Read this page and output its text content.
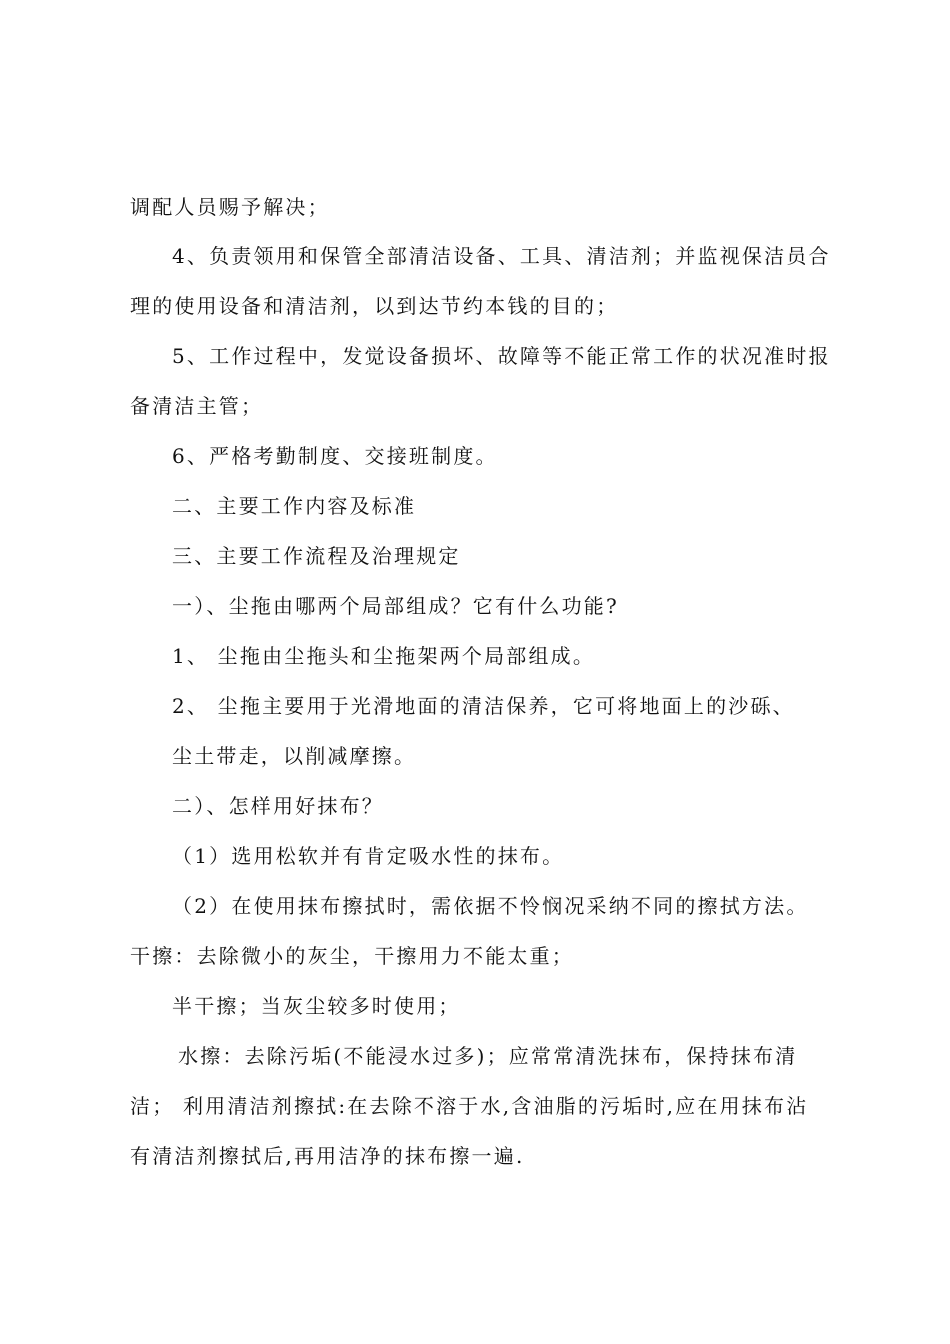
调配人员赐予解决；
4、负责领用和保管全部清洁设备、工具、清洁剂；并监视保洁员合
理的使用设备和清洁剂，以到达节约本钱的目的；
5、工作过程中，发觉设备损坏、故障等不能正常工作的状况准时报
备清洁主管；
6、严格考勤制度、交接班制度。
二、主要工作内容及标准
三、主要工作流程及治理规定
一）、尘拖由哪两个局部组成？它有什么功能?
1、 尘拖由尘拖头和尘拖架两个局部组成。
2、 尘拖主要用于光滑地面的清洁保养，它可将地面上的沙砾、
尘土带走，以削减摩擦。
二）、怎样用好抹布？
（1）选用松软并有肯定吸水性的抹布。
（2）在使用抹布擦拭时，需依据不怜悯况采纳不同的擦拭方法。
干擦：去除微小的灰尘，干擦用力不能太重；
半干擦；当灰尘较多时使用；
水擦：去除污垢(不能浸水过多)；应常常清洗抹布，保持抹布清
洁； 利用清洁剂擦拭:在去除不溶于水,含油脂的污垢时,应在用抹布沾
有清洁剂擦拭后,再用洁净的抹布擦一遍.
